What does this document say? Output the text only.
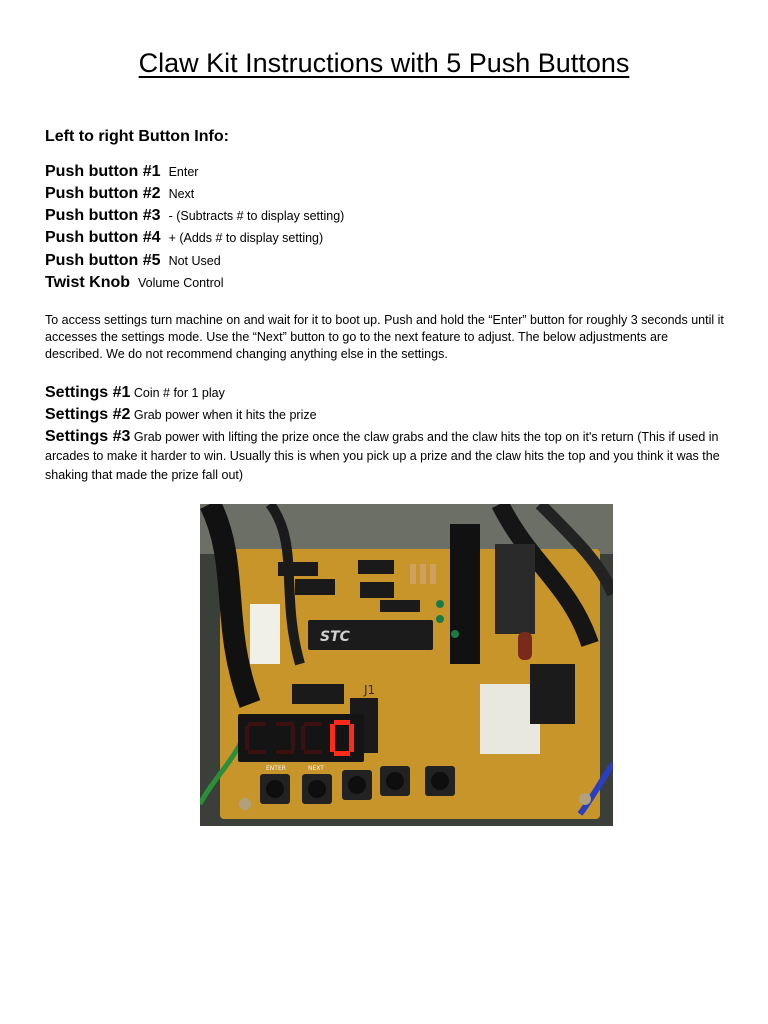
Claw Kit Instructions with 5 Push Buttons
Left to right Button Info:
Push button #1 Enter
Push button #2 Next
Push button #3 - (Subtracts # to display setting)
Push button #4 + (Adds # to display setting)
Push button #5 Not Used
Twist Knob Volume Control

To access settings turn machine on and wait for it to boot up. Push and hold the “Enter” button for roughly 3 seconds until it accesses the settings mode. Use the “Next” button to go to the next feature to adjust. The below adjustments are described. We do not recommend changing anything else in the settings.

Settings #1 Coin # for 1 play
Settings #2 Grab power when it hits the prize
Settings #3 Grab power with lifting the prize once the claw grabs and the claw hits the top on it's return (This if used in arcades to make it harder to win. Usually this is when you pick up a prize and the claw hits the top and you think it was the shaking that made the prize fall out)
STC
J1
ENTER	NEXT
